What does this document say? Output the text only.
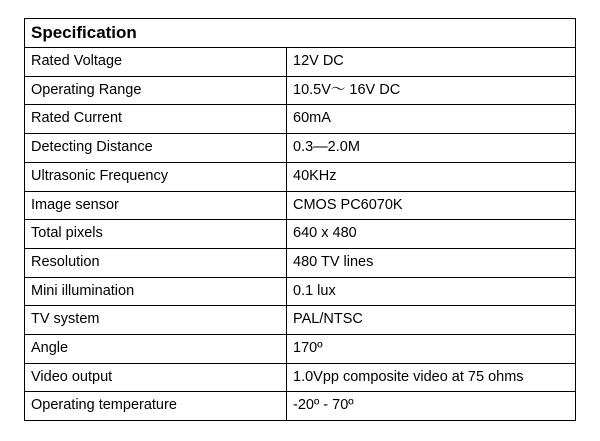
Specification	
Rated Voltage	12V DC
Operating Range	10.5V～ 16V DC
Rated Current	60mA
Detecting Distance	0.3—2.0M
Ultrasonic Frequency	40KHz
Image sensor	CMOS PC6070K
Total pixels	640 x 480
Resolution	480 TV lines
Mini illumination	0.1 lux
TV system	PAL/NTSC
Angle	170º
Video output	1.0Vpp composite video at 75 ohms
Operating temperature	-20º - 70º
